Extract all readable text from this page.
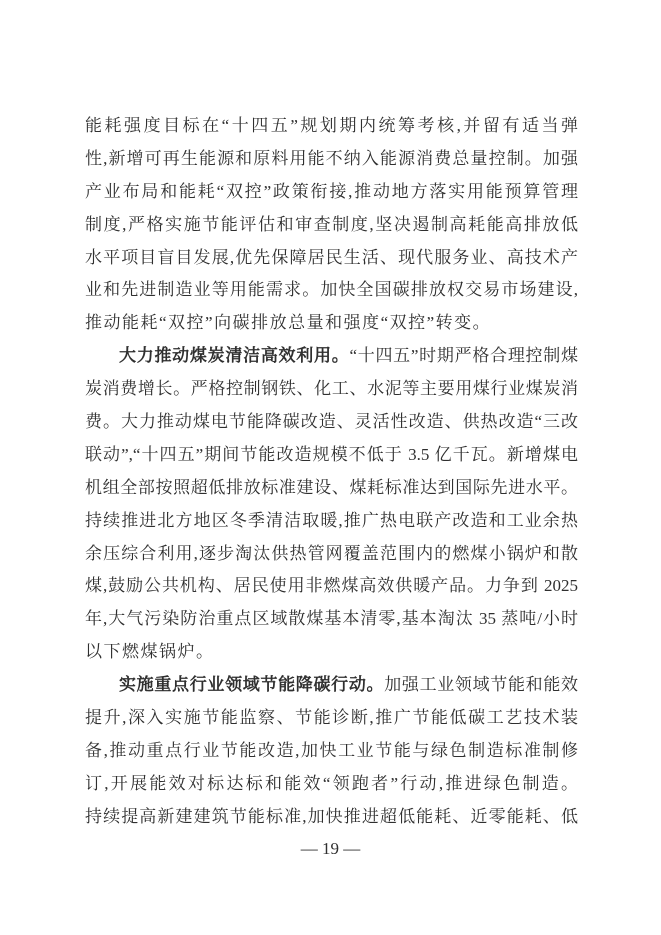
能耗强度目标在“十四五”规划期内统筹考核,并留有适当弹
性,新增可再生能源和原料用能不纳入能源消费总量控制。加强
产业布局和能耗“双控”政策衔接,推动地方落实用能预算管理
制度,严格实施节能评估和审查制度,坚决遏制高耗能高排放低
水平项目盲目发展,优先保障居民生活、现代服务业、高技术产
业和先进制造业等用能需求。加快全国碳排放权交易市场建设,
推动能耗“双控”向碳排放总量和强度“双控”转变。
大力推动煤炭清洁高效利用。“十四五”时期严格合理控制煤
炭消费增长。严格控制钢铁、化工、水泥等主要用煤行业煤炭消
费。大力推动煤电节能降碳改造、灵活性改造、供热改造“三改
联动”,“十四五”期间节能改造规模不低于 3.5 亿千瓦。新增煤电
机组全部按照超低排放标准建设、煤耗标准达到国际先进水平。
持续推进北方地区冬季清洁取暖,推广热电联产改造和工业余热
余压综合利用,逐步淘汰供热管网覆盖范围内的燃煤小锅炉和散
煤,鼓励公共机构、居民使用非燃煤高效供暖产品。力争到 2025
年,大气污染防治重点区域散煤基本清零,基本淘汰 35 蒸吨/小时
以下燃煤锅炉。
实施重点行业领域节能降碳行动。加强工业领域节能和能效
提升,深入实施节能监察、节能诊断,推广节能低碳工艺技术装
备,推动重点行业节能改造,加快工业节能与绿色制造标准制修
订,开展能效对标达标和能效“领跑者”行动,推进绿色制造。
持续提高新建建筑节能标准,加快推进超低能耗、近零能耗、低
— 19 —
